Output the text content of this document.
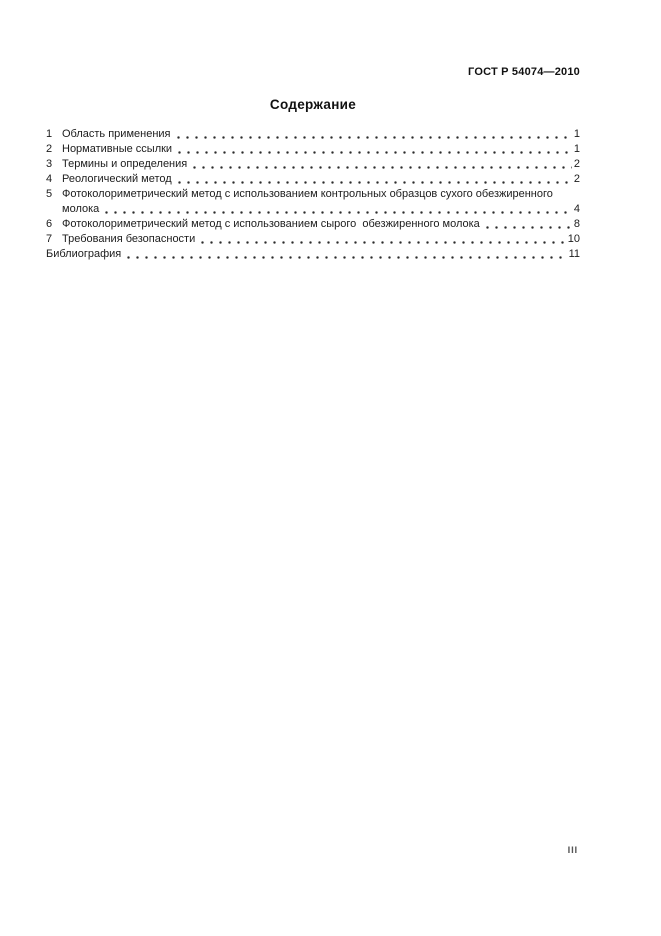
ГОСТ Р 54074—2010
Содержание
1 Область применения	1
2 Нормативные ссылки	1
3 Термины и определения	2
4 Реологический метод	2
5 Фотоколориметрический метод с использованием контрольных образцов сухого обезжиренного
молока	4
6 Фотоколориметрический метод с использованием сырого  обезжиренного молока	8
7 Требования безопасности	10
Библиография	11
III
